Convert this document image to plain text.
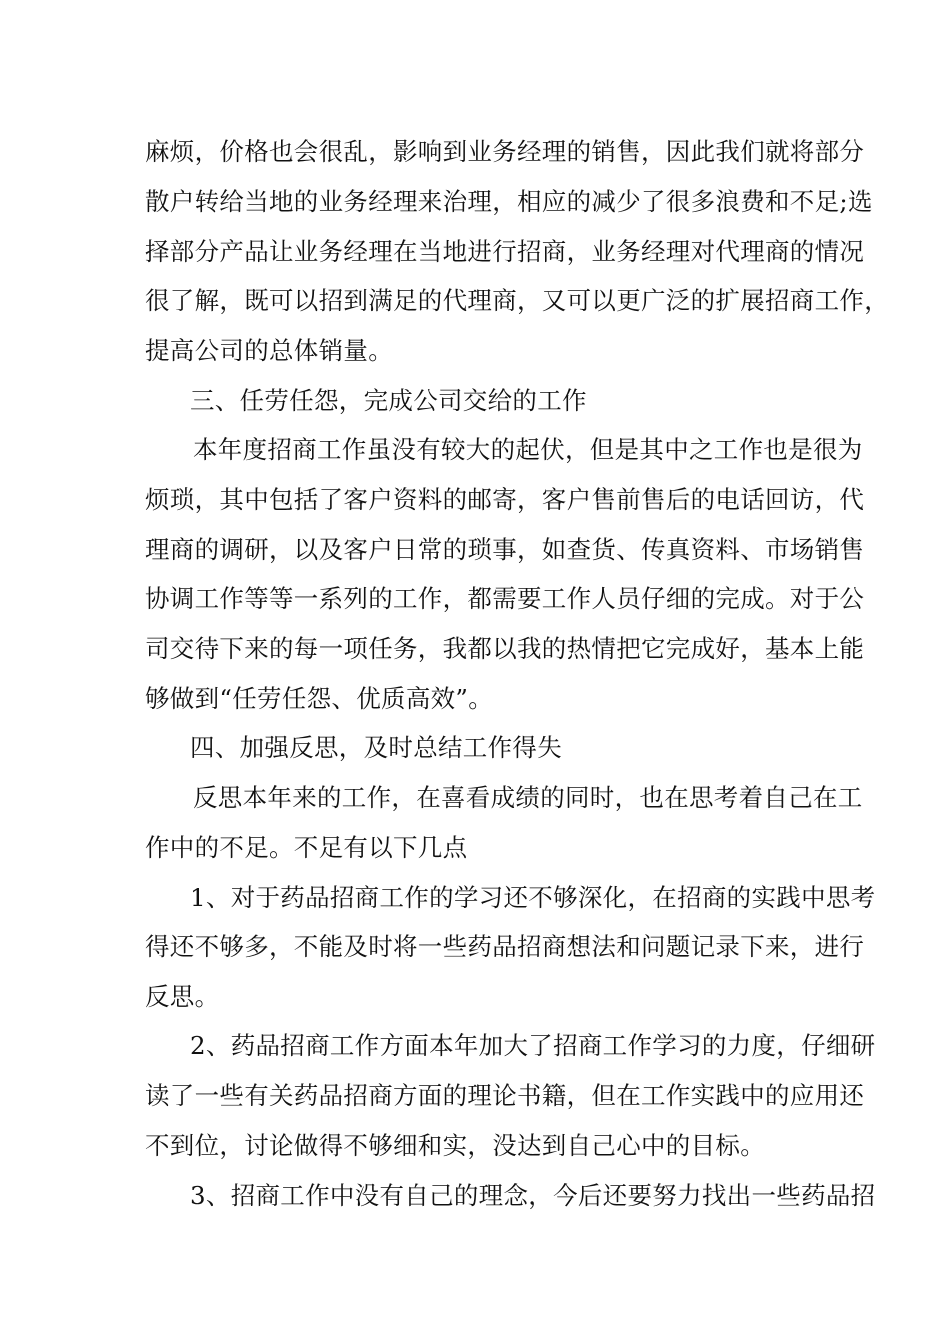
麻烦，价格也会很乱，影响到业务经理的销售，因此我们就将部分
散户转给当地的业务经理来治理，相应的减少了很多浪费和不足;选
择部分产品让业务经理在当地进行招商，业务经理对代理商的情况
很了解，既可以招到满足的代理商，又可以更广泛的扩展招商工作，
提高公司的总体销量。
三、任劳任怨，完成公司交给的工作
本年度招商工作虽没有较大的起伏，但是其中之工作也是很为
烦琐，其中包括了客户资料的邮寄，客户售前售后的电话回访，代
理商的调研，以及客户日常的琐事，如查货、传真资料、市场销售
协调工作等等一系列的工作，都需要工作人员仔细的完成。对于公
司交待下来的每一项任务，我都以我的热情把它完成好，基本上能
够做到“任劳任怨、优质高效”。
四、加强反思，及时总结工作得失
反思本年来的工作，在喜看成绩的同时，也在思考着自己在工
作中的不足。不足有以下几点
1、对于药品招商工作的学习还不够深化，在招商的实践中思考
得还不够多，不能及时将一些药品招商想法和问题记录下来，进行
反思。
2、药品招商工作方面本年加大了招商工作学习的力度，仔细研
读了一些有关药品招商方面的理论书籍，但在工作实践中的应用还
不到位，讨论做得不够细和实，没达到自己心中的目标。
3、招商工作中没有自己的理念，今后还要努力找出一些药品招
